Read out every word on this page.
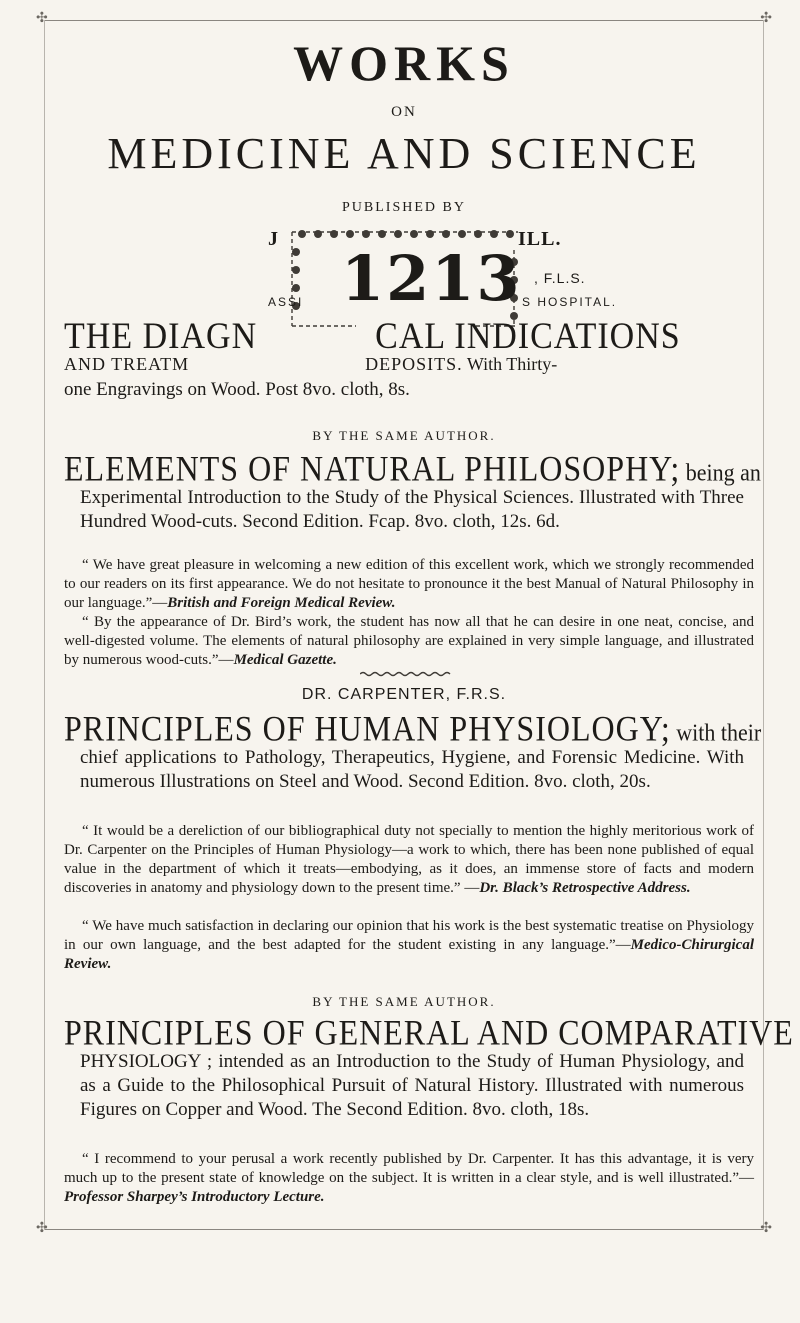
✣	✣
✣	✣
WORKS
ON
MEDICINE AND SCIENCE
PUBLISHED BY
J	ILL.
1213 , F.L.S.
ASSI	S HOSPITAL.
THE DIAGN	CAL INDICATIONS
AND TREATM	DEPOSITS. With Thirty-
one Engravings on Wood. Post 8vo. cloth, 8s.
BY THE SAME AUTHOR.
ELEMENTS OF NATURAL PHILOSOPHY; being an
Experimental Introduction to the Study of the Physical Sciences. Illustrated with Three Hundred Wood-cuts. Second Edition. Fcap. 8vo. cloth, 12s. 6d.
“ We have great pleasure in welcoming a new edition of this excellent work, which we strongly recommended to our readers on its first appearance. We do not hesitate to pronounce it the best Manual of Natural Philosophy in our language.”—British and Foreign Medical Review.
“ By the appearance of Dr. Bird’s work, the student has now all that he can desire in one neat, concise, and well-digested volume. The elements of natural philosophy are explained in very simple language, and illustrated by numerous wood-cuts.”—Medical Gazette.
DR. CARPENTER, F.R.S.
PRINCIPLES OF HUMAN PHYSIOLOGY; with their
chief applications to Pathology, Therapeutics, Hygiene, and Forensic Medicine. With numerous Illustrations on Steel and Wood. Second Edition. 8vo. cloth, 20s.
“ It would be a dereliction of our bibliographical duty not specially to mention the highly meritorious work of Dr. Carpenter on the Principles of Human Physiology—a work to which, there has been none published of equal value in the department of which it treats—embodying, as it does, an immense store of facts and modern discoveries in anatomy and physiology down to the present time.” —Dr. Black’s Retrospective Address.
“ We have much satisfaction in declaring our opinion that his work is the best systematic treatise on Physiology in our own language, and the best adapted for the student existing in any language.”—Medico-Chirurgical Review.
BY THE SAME AUTHOR.
PRINCIPLES OF GENERAL AND COMPARATIVE
PHYSIOLOGY ; intended as an Introduction to the Study of Human Physiology, and as a Guide to the Philosophical Pursuit of Natural History. Illustrated with numerous Figures on Copper and Wood. The Second Edition. 8vo. cloth, 18s.
“ I recommend to your perusal a work recently published by Dr. Carpenter. It has this advantage, it is very much up to the present state of knowledge on the subject. It is written in a clear style, and is well illustrated.”—Professor Sharpey’s Introductory Lecture.
